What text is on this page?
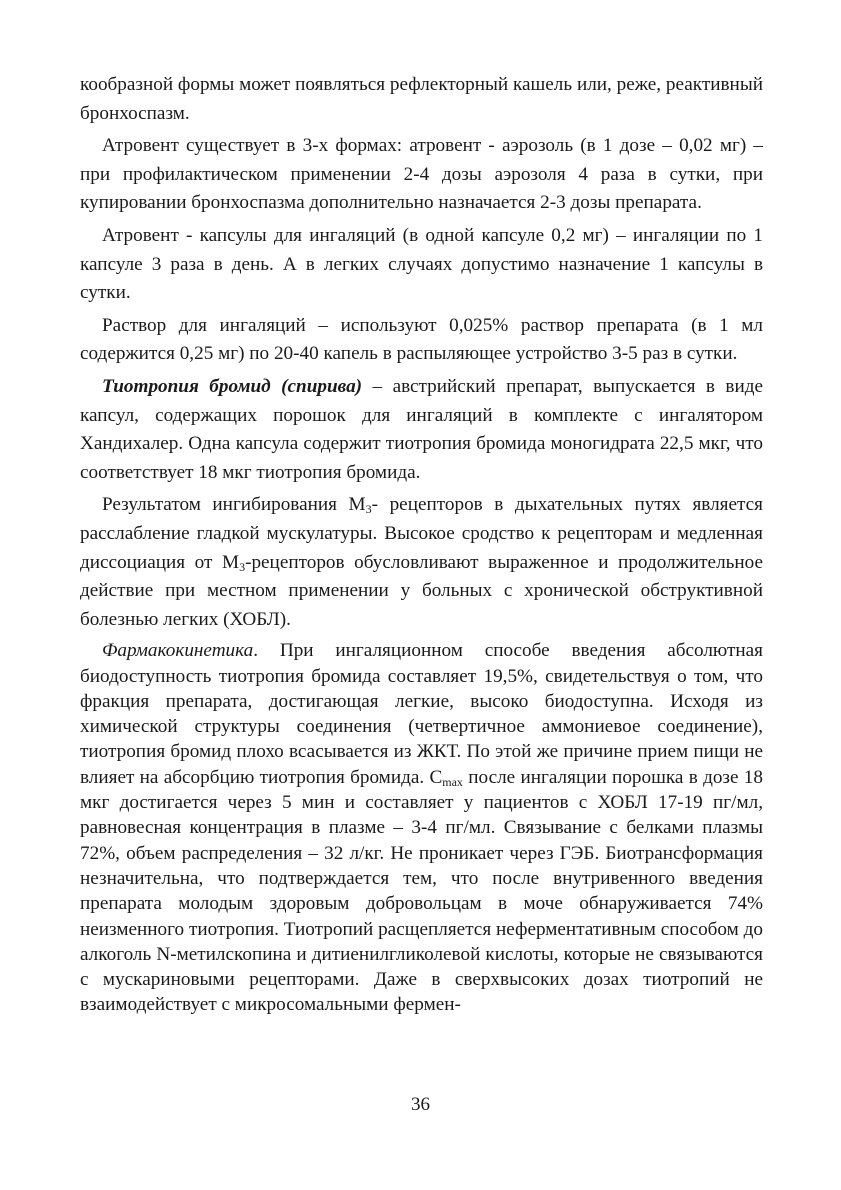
кообразной формы может появляться рефлекторный кашель или, реже, реактивный бронхоспазм.

Атровент существует в 3-х формах: атровент - аэрозоль (в 1 дозе – 0,02 мг) – при профилактическом применении 2-4 дозы аэрозоля 4 раза в сутки, при купировании бронхоспазма дополнительно назначается 2-3 дозы препарата.

Атровент - капсулы для ингаляций (в одной капсуле 0,2 мг) – ингаляции по 1 капсуле 3 раза в день. А в легких случаях допустимо назначение 1 капсулы в сутки.

Раствор для ингаляций – используют 0,025% раствор препарата (в 1 мл содержится 0,25 мг) по 20-40 капель в распыляющее устройство 3-5 раз в сутки.

Тиотропия бромид (спирива) – австрийский препарат, выпускается в виде капсул, содержащих порошок для ингаляций в комплекте с ингалятором Хандихалер. Одна капсула содержит тиотропия бромида моногидрата 22,5 мкг, что соответствует 18 мкг тиотропия бромида.

Результатом ингибирования $М_3-$ рецепторов в дыхательных путях является расслабление гладкой мускулатуры. Высокое сродство к рецепторам и медленная диссоциация от $М_3$-рецепторов обусловливают выраженное и продолжительное действие при местном применении у больных с хронической обструктивной болезнью легких (ХОБЛ).

Фармакокинетика. При ингаляционном способе введения абсолютная биодоступность тиотропия бромида составляет 19,5%, свидетельствуя о том, что фракция препарата, достигающая легкие, высоко биодоступна. Исходя из химической структуры соединения (четвертичное аммониевое соединение), тиотропия бромид плохо всасывается из ЖКТ. По этой же причине прием пищи не влияет на абсорбцию тиотропия бромида. $C_{max}$ после ингаляции порошка в дозе 18 мкг достигается через 5 мин и составляет у пациентов с ХОБЛ 17-19 пг/мл, равновесная концентрация в плазме – 3-4 пг/мл. Связывание с белками плазмы 72%, объем распределения – 32 л/кг. Не проникает через ГЭБ. Биотрансформация незначительна, что подтверждается тем, что после внутривенного введения препарата молодым здоровым добровольцам в моче обнаруживается 74% неизменного тиотропия. Тиотропий расщепляется неферментативным способом до алкоголь N-метилскопина и дитиенилгликолевой кислоты, которые не связываются с мускариновыми рецепторами. Даже в сверхвысоких дозах тиотропий не взаимодействует с микросомальными фермен-

36
